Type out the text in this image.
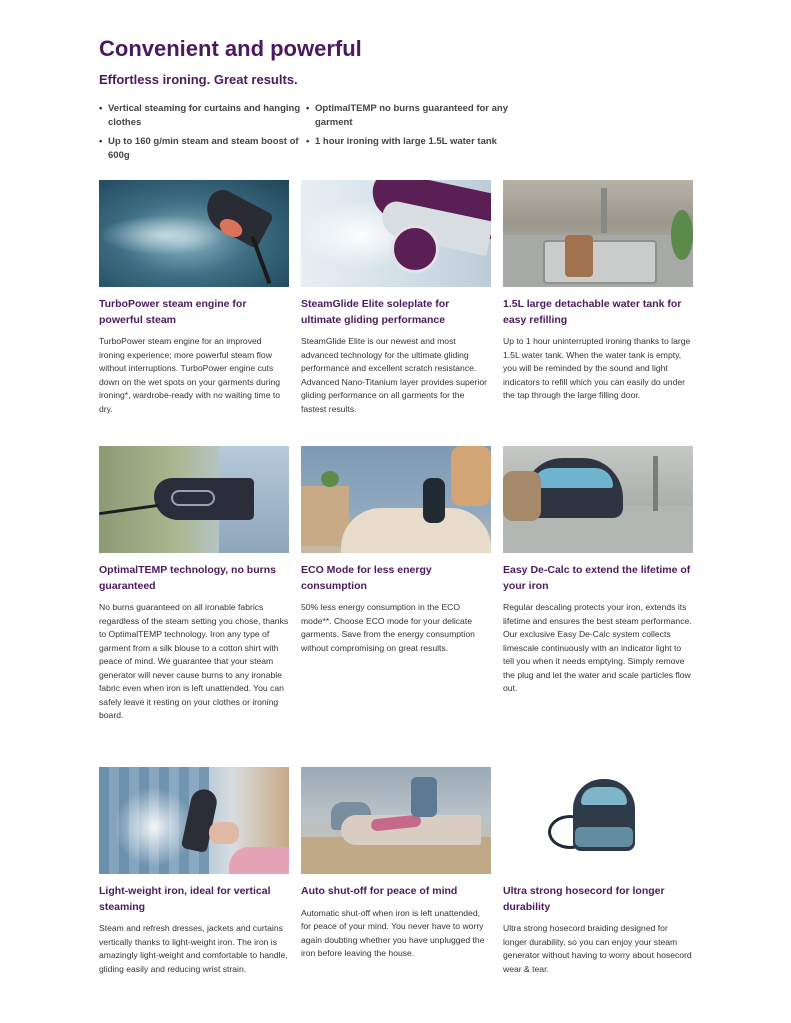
Convenient and powerful
Effortless ironing. Great results.
• Vertical steaming for curtains and hanging clothes
• OptimalTEMP no burns guaranteed for any garment
• Up to 160 g/min steam and steam boost of 600g
• 1 hour ironing with large 1.5L water tank
TurboPower steam engine for powerful steam

TurboPower steam engine for an improved ironing experience; more powerful steam flow without interruptions. TurboPower engine cuts down on the wet spots on your garments during ironing*, wardrobe-ready with no waiting time to dry.

SteamGlide Elite soleplate for ultimate gliding performance

SteamGlide Elite is our newest and most advanced technology for the ultimate gliding performance and excellent scratch resistance. Advanced Nano-Titanium layer provides superior gliding performance on all garments for the fastest results.

1.5L large detachable water tank for easy refilling

Up to 1 hour uninterrupted ironing thanks to large 1.5L water tank. When the water tank is empty, you will be reminded by the sound and light indicators to refill which you can easily do under the tap through the large filling door.

OptimalTEMP technology, no burns guaranteed

No burns guaranteed on all ironable fabrics regardless of the steam setting you chose, thanks to OptimalTEMP technology. Iron any type of garment from a silk blouse to a cotton shirt with peace of mind. We guarantee that your steam generator will never cause burns to any ironable fabric even when iron is left unattended. You can safely leave it resting on your clothes or ironing board.

ECO Mode for less energy consumption

50% less energy consumption in the ECO mode**. Choose ECO mode for your delicate garments. Save from the energy consumption without compromising on great results.

Easy De-Calc to extend the lifetime of your iron

Regular descaling protects your iron, extends its lifetime and ensures the best steam performance. Our exclusive Easy De-Calc system collects limescale continuously with an indicator light to tell you when it needs emptying. Simply remove the plug and let the water and scale particles flow out.

Light-weight iron, ideal for vertical steaming

Steam and refresh dresses, jackets and curtains vertically thanks to light-weight iron. The iron is amazingly light-weight and comfortable to handle, gliding easily and reducing wrist strain.

Auto shut-off for peace of mind

Automatic shut-off when iron is left unattended, for peace of your mind. You never have to worry again doubting whether you have unplugged the iron before leaving the house.

Ultra strong hosecord for longer durability

Ultra strong hosecord braiding designed for longer durability, so you can enjoy your steam generator without having to worry about hosecord wear & tear.
